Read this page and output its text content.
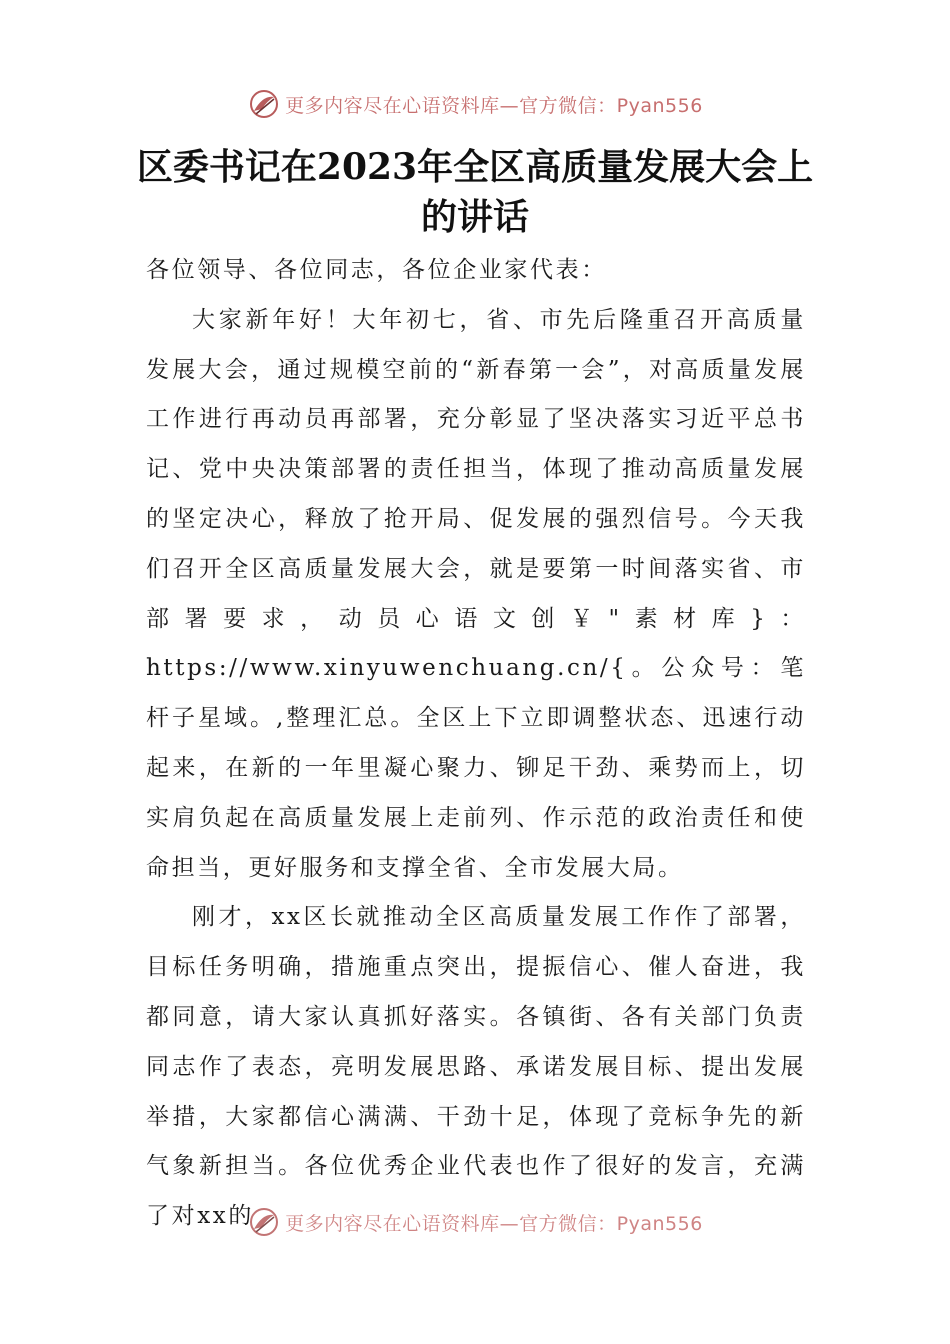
更多内容尽在心语资料库—官方微信：Pyan556
区委书记在2023年全区高质量发展大会上的讲话

各位领导、各位同志，各位企业家代表：

大家新年好！大年初七，省、市先后隆重召开高质量发展大会，通过规模空前的“新春第一会”，对高质量发展工作进行再动员再部署，充分彰显了坚决落实习近平总书记、党中央决策部署的责任担当，体现了推动高质量发展的坚定决心，释放了抢开局、促发展的强烈信号。今天我们召开全区高质量发展大会，就是要第一时间落实省、市部署要求，动员心语文创￥"素材库}：https://www.xinyuwenchuang.cn/{。公众号：笔杆子星域。,整理汇总。全区上下立即调整状态、迅速行动起来，在新的一年里凝心聚力、铆足干劲、乘势而上，切实肩负起在高质量发展上走前列、作示范的政治责任和使命担当，更好服务和支撑全省、全市发展大局。

刚才，xx区长就推动全区高质量发展工作作了部署，目标任务明确，措施重点突出，提振信心、催人奋进，我都同意，请大家认真抓好落实。各镇街、各有关部门负责同志作了表态，亮明发展思路、承诺发展目标、提出发展举措，大家都信心满满、干劲十足，体现了竞标争先的新气象新担当。各位优秀企业代表也作了很好的发言，充满了对xx的	更多内容尽在心语资料库—官方微信：Pyan556
